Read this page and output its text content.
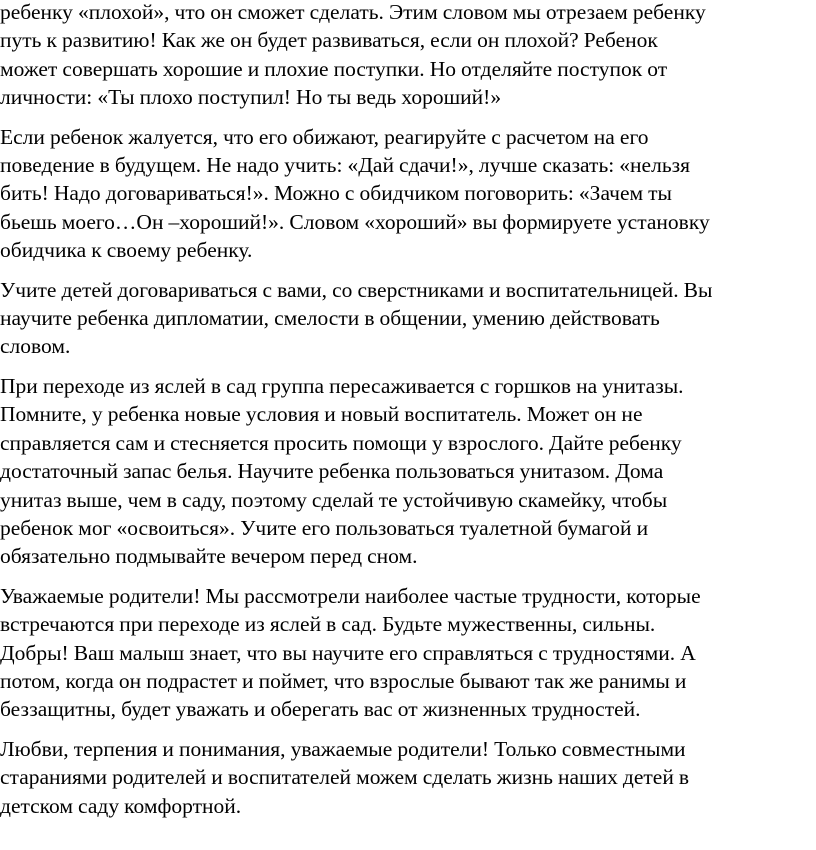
ребенку «плохой», что он сможет сделать. Этим словом мы отрезаем ребенку
путь к развитию! Как же он будет развиваться, если он плохой? Ребенок
может совершать хорошие и плохие поступки. Но отделяйте поступок от
личности: «Ты плохо поступил! Но ты ведь хороший!»

Если ребенок жалуется, что его обижают, реагируйте с расчетом на его
поведение в будущем. Не надо учить: «Дай сдачи!», лучше сказать: «нельзя
бить! Надо договариваться!». Можно с обидчиком поговорить: «Зачем ты
бьешь моего…Он –хороший!». Словом «хороший» вы формируете установку
обидчика к своему ребенку.

Учите детей договариваться с вами, со сверстниками и воспитательницей. Вы
научите ребенка дипломатии, смелости в общении, умению действовать
словом.

При переходе из яслей в сад группа пересаживается с горшков на унитазы.
Помните, у ребенка новые условия и новый воспитатель. Может он не
справляется сам и стесняется просить помощи у взрослого. Дайте ребенку
достаточный запас белья. Научите ребенка пользоваться унитазом. Дома
унитаз выше, чем в саду, поэтому сделай те устойчивую скамейку, чтобы
ребенок мог «освоиться». Учите его пользоваться туалетной бумагой и
обязательно подмывайте вечером перед сном.

Уважаемые родители! Мы рассмотрели наиболее частые трудности, которые
встречаются при переходе из яслей в сад. Будьте мужественны, сильны.
Добры! Ваш малыш знает, что вы научите его справляться с трудностями. А
потом, когда он подрастет и поймет, что взрослые бывают так же ранимы и
беззащитны, будет уважать и оберегать вас от жизненных трудностей.

Любви, терпения и понимания, уважаемые родители! Только совместными
стараниями родителей и воспитателей можем сделать жизнь наших детей в
детском саду комфортной.
